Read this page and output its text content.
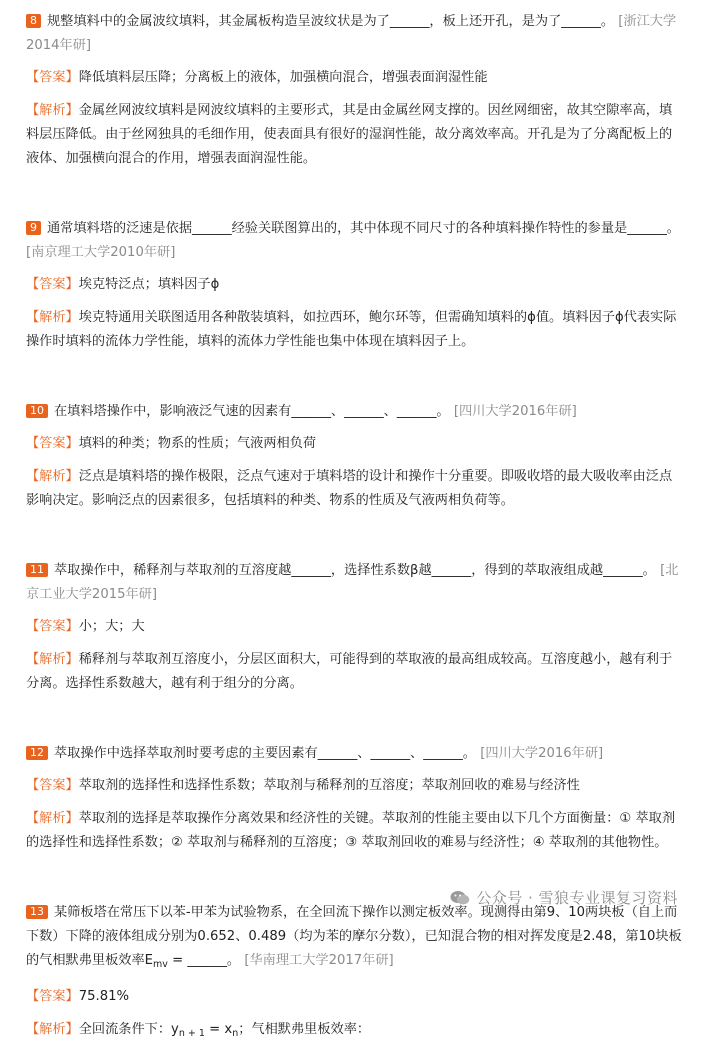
8 规整填料中的金属波纹填料，其金属板构造呈波纹状是为了______，板上还开孔，是为了______。 [浙江大学2014年研]
【答案】降低填料层压降；分离板上的液体，加强横向混合，增强表面润湿性能
【解析】金属丝网波纹填料是网波纹填料的主要形式，其是由金属丝网支撑的。因丝网细密，故其空隙率高，填料层压降低。由于丝网独具的毛细作用，使表面具有很好的湿润性能，故分离效率高。开孔是为了分离配板上的液体、加强横向混合的作用，增强表面润湿性能。
9 通常填料塔的泛速是依据______经验关联图算出的，其中体现不同尺寸的各种填料操作特性的参量是______。 [南京理工大学2010年研]
【答案】埃克特泛点；填料因子ϕ
【解析】埃克特通用关联图适用各种散装填料，如拉西环，鲍尔环等，但需确知填料的ϕ值。填料因子ϕ代表实际操作时填料的流体力学性能，填料的流体力学性能也集中体现在填料因子上。
10 在填料塔操作中，影响液泛气速的因素有______、______、______。 [四川大学2016年研]
【答案】填料的种类；物系的性质；气液两相负荷
【解析】泛点是填料塔的操作极限，泛点气速对于填料塔的设计和操作十分重要。即吸收塔的最大吸收率由泛点影响决定。影响泛点的因素很多，包括填料的种类、物系的性质及气液两相负荷等。
11 萃取操作中，稀释剂与萃取剂的互溶度越______，选择性系数β越______，得到的萃取液组成越______。 [北京工业大学2015年研]
【答案】小；大；大
【解析】稀释剂与萃取剂互溶度小，分层区面积大，可能得到的萃取液的最高组成较高。互溶度越小，越有利于分离。选择性系数越大，越有利于组分的分离。
12 萃取操作中选择萃取剂时要考虑的主要因素有______、______、______。 [四川大学2016年研]
【答案】萃取剂的选择性和选择性系数；萃取剂与稀释剂的互溶度；萃取剂回收的难易与经济性
【解析】萃取剂的选择是萃取操作分离效果和经济性的关键。萃取剂的性能主要由以下几个方面衡量：① 萃取剂的选择性和选择性系数；② 萃取剂与稀释剂的互溶度；③ 萃取剂回收的难易与经济性；④ 萃取剂的其他物性。
13 某筛板塔在常压下以苯-甲苯为试验物系，在全回流下操作以测定板效率。现测得由第9、10两块板（自上而下数）下降的液体组成分别为0.652、0.489（均为苯的摩尔分数），已知混合物的相对挥发度是2.48，第10块板的气相默弗里板效率$E_{mv}$ = ______。 [华南理工大学2017年研]
【答案】75.81%
【解析】全回流条件下：$y_{n + 1} = x_n$；气相默弗里板效率：
公众号 · 雪狼专业课复习资料
